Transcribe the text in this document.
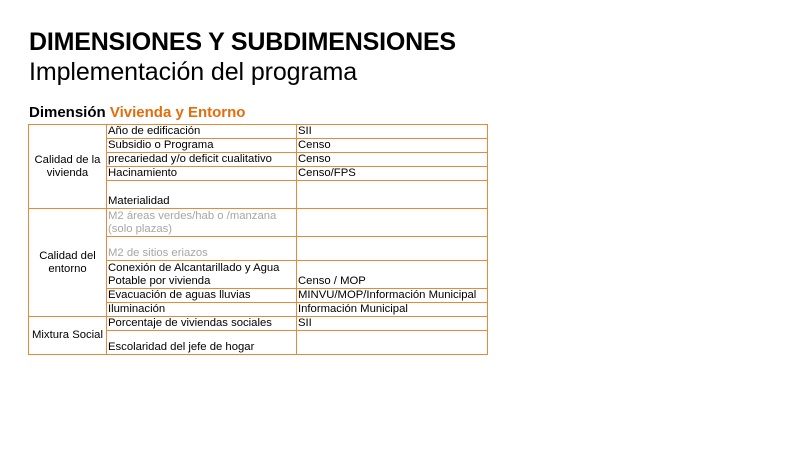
DIMENSIONES Y SUBDIMENSIONES
Implementación del programa
Dimensión Vivienda y Entorno
Calidad de la vivienda	Año de edificación	SII
	Subsidio o Programa	Censo
	precariedad y/o deficit cualitativo	Censo
	Hacinamiento	Censo/FPS
	Materialidad	
Calidad del entorno	M2 áreas verdes/hab o /manzana (solo plazas)	
	M2 de sitios eriazos	
	Conexión de Alcantarillado y Agua Potable por vivienda	Censo / MOP
	Evacuación de aguas lluvias	MINVU/MOP/Información Municipal
	Iluminación	Información Municipal
Mixtura Social	Porcentaje de viviendas sociales	SII
	Escolaridad del jefe de hogar	
